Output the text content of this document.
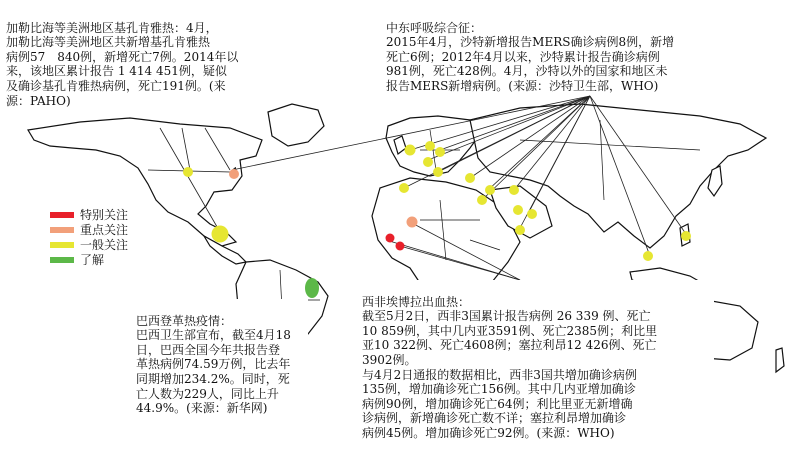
加勒比海等美洲地区基孔肯雅热：4月，
加勒比海等美洲地区共新增基孔肯雅热
病例57　840例，新增死亡7例。2014年以
来，该地区累计报告 1 414 451例，疑似
及确诊基孔肯雅热病例，死亡191例。(来
源：PAHO)

中东呼吸综合征：
2015年4月，沙特新增报告MERS确诊病例8例，新增
死亡6例；2012年4月以来，沙特累计报告确诊病例
981例，死亡428例。4月，沙特以外的国家和地区未
报告MERS新增病例。(来源：沙特卫生部，WHO)

巴西登革热疫情：
巴西卫生部宣布，截至4月18
日，巴西全国今年共报告登
革热病例74.59万例，比去年
同期增加234.2%。同时，死
亡人数为229人，同比上升
44.9%。(来源：新华网)

西非埃博拉出血热：
截至5月2日，西非3国累计报告病例 26 339 例、死亡
10 859例，其中几内亚3591例、死亡2385例；利比里
亚10 322例、死亡4608例；塞拉利昂12 426例、死亡
3902例。
与4月2日通报的数据相比，西非3国共增加确诊病例
135例，增加确诊死亡156例。其中几内亚增加确诊
病例90例，增加确诊死亡64例；利比里亚无新增确
诊病例，新增确诊死亡数不详；塞拉利昂增加确诊
病例45例。增加确诊死亡92例。(来源：WHO)

特别关注
重点关注
一般关注
了解
